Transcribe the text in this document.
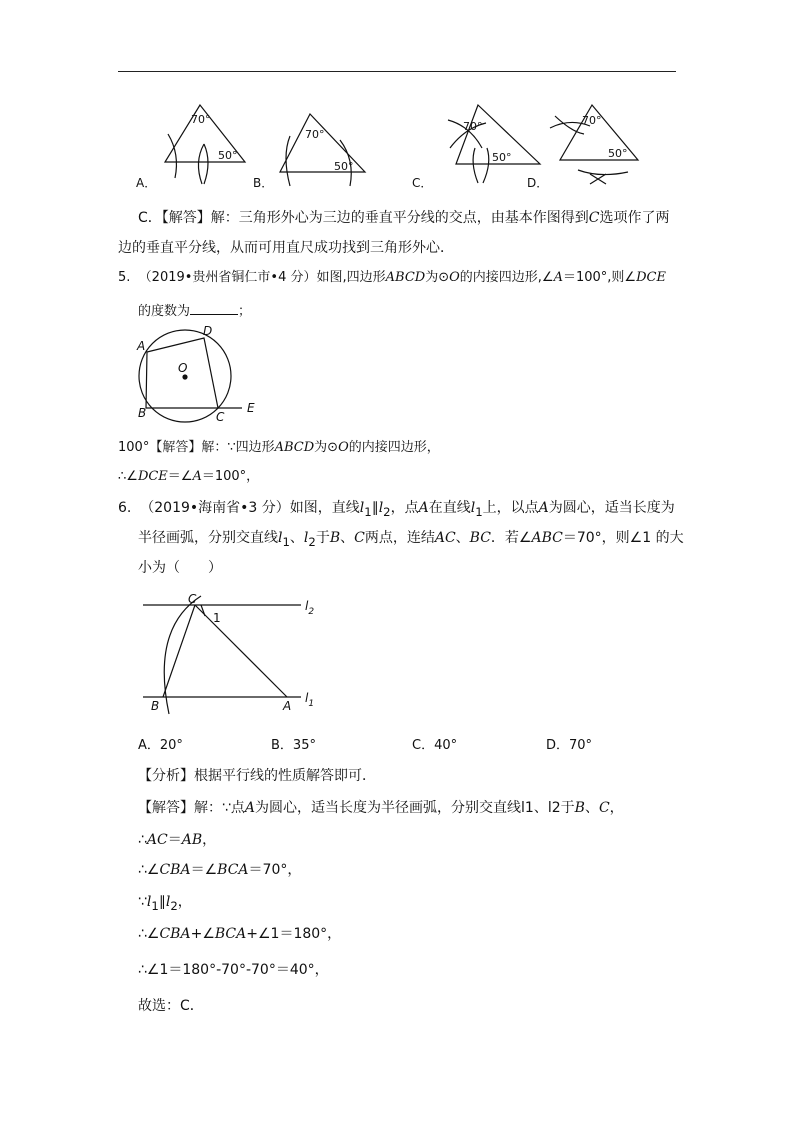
70°
50°
70°
50°
70°
50°
70°
50°
A．	B．	C．	D．
C．【解答】解：三角形外心为三边的垂直平分线的交点，由基本作图得到C选项作了两
边的垂直平分线，从而可用直尺成功找到三角形外心．
5. （2019•贵州省铜仁市•4 分）如图,四边形ABCD为⊙O的内接四边形,∠A＝100°,则∠DCE
的度数为	；
A
D
O
B	C
E
100°【解答】解：∵四边形ABCD为⊙O的内接四边形，
∴∠DCE＝∠A＝100°，
6. （2019•海南省•3 分）如图，直线$l_1\parallel l_2$，点A在直线$l_1$上，以点A为圆心，适当长度为
半径画弧，分别交直线$l_1$、$l_2$于B、C两点，连结AC、BC．若∠ABC＝70°，则∠1 的大
小为（　　）
C
1
$l_2$
$l_1$
B	A
A．20°	B．35°	C．40°	D．70°
【分析】根据平行线的性质解答即可．
【解答】解：∵点A为圆心，适当长度为半径画弧，分别交直线l1、l2于B、C，
∴AC＝AB，
∴∠CBA＝∠BCA＝70°，
$\because l_1\parallel l_2$，
∴∠CBA+∠BCA+∠1＝180°，
∴∠1＝180°-70°-70°＝40°，
故选：C．
